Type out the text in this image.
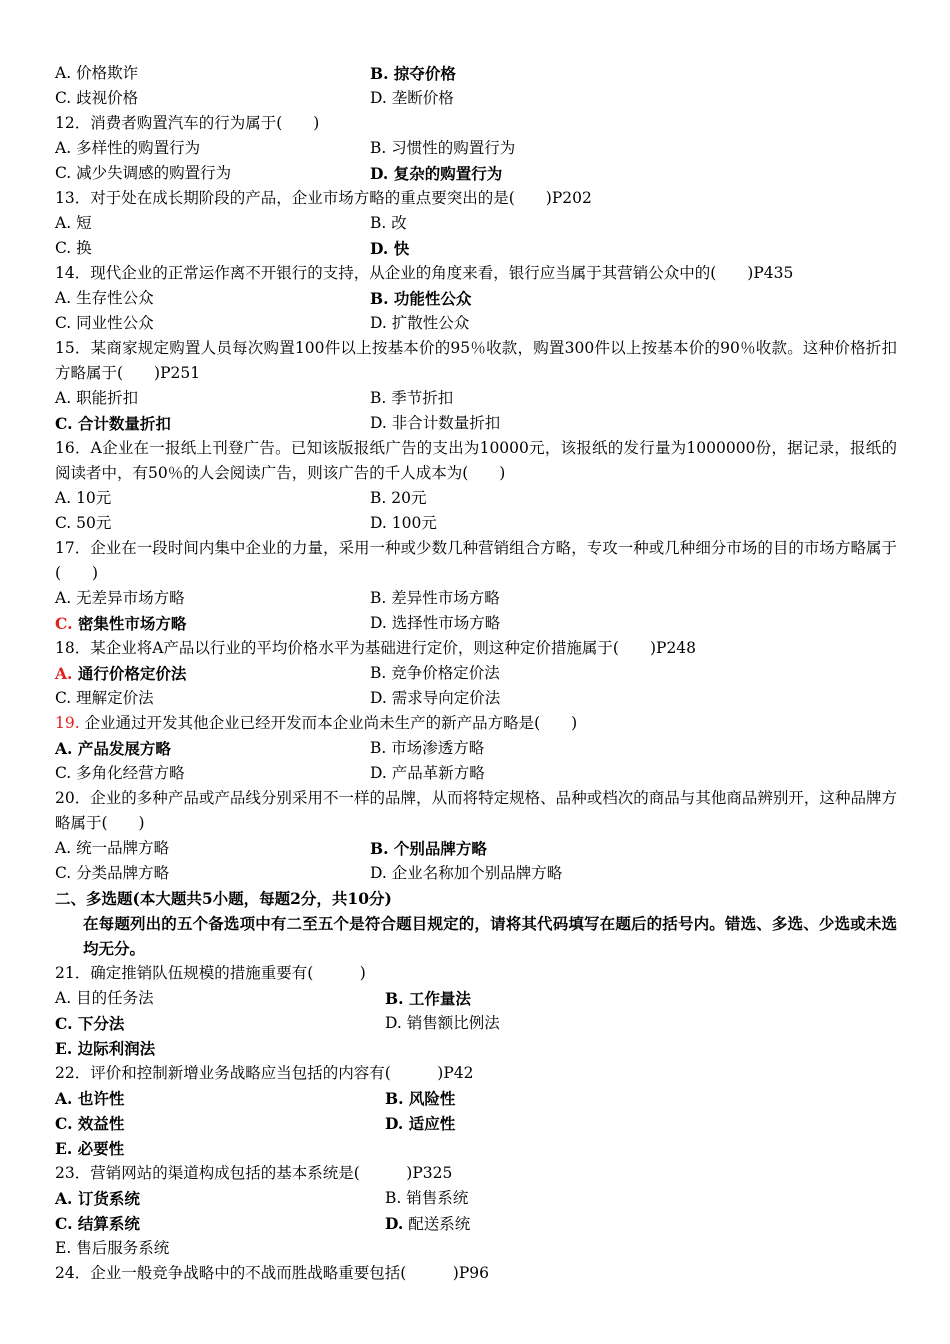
A. 价格欺诈	B. 掠夺价格
C. 歧视价格	D. 垄断价格
12．消费者购置汽车的行为属于(　　)
A. 多样性的购置行为	B. 习惯性的购置行为
C. 减少失调感的购置行为	D. 复杂的购置行为
13．对于处在成长期阶段的产品，企业市场方略的重点要突出的是(　　)P202
A. 短	B. 改
C. 换	D. 快
14．现代企业的正常运作离不开银行的支持，从企业的角度来看，银行应当属于其营销公众中的(　　)P435
A. 生存性公众	B. 功能性公众
C. 同业性公众	D. 扩散性公众
15．某商家规定购置人员每次购置100件以上按基本价的95％收款，购置300件以上按基本价的90％收款。这种价格折扣方略属于(　　)P251
A. 职能折扣	B. 季节折扣
C. 合计数量折扣	D. 非合计数量折扣
16．A企业在一报纸上刊登广告。已知该版报纸广告的支出为10000元，该报纸的发行量为1000000份，据记录，报纸的阅读者中，有50％的人会阅读广告，则该广告的千人成本为(　　)
A. 10元	B. 20元
C. 50元	D. 100元
17．企业在一段时间内集中企业的力量，采用一种或少数几种营销组合方略，专攻一种或几种细分市场的目的市场方略属于(　　)
A. 无差异市场方略	B. 差异性市场方略
C. 密集性市场方略	D. 选择性市场方略
18．某企业将A产品以行业的平均价格水平为基础进行定价，则这种定价措施属于(　　)P248
A. 通行价格定价法	B. 竞争价格定价法
C. 理解定价法	D. 需求导向定价法
19. 企业通过开发其他企业已经开发而本企业尚未生产的新产品方略是(　　)
A. 产品发展方略	B. 市场渗透方略
C. 多角化经营方略	D. 产品革新方略
20．企业的多种产品或产品线分别采用不一样的品牌，从而将特定规格、品种或档次的商品与其他商品辨别开，这种品牌方略属于(　　)
A. 统一品牌方略	B. 个别品牌方略
C. 分类品牌方略	D. 企业名称加个别品牌方略
二、多选题(本大题共5小题，每题2分，共10分)
在每题列出的五个备选项中有二至五个是符合题目规定的，请将其代码填写在题后的括号内。错选、多选、少选或未选均无分。
21．确定推销队伍规模的措施重要有(　　　)
A. 目的任务法	B. 工作量法
C. 下分法	D. 销售额比例法
E. 边际利润法
22．评价和控制新增业务战略应当包括的内容有(　　　)P42
A. 也许性	B. 风险性
C. 效益性	D. 适应性
E. 必要性
23．营销网站的渠道构成包括的基本系统是(　　　)P325
A. 订货系统	B. 销售系统
C. 结算系统	D. 配送系统
E. 售后服务系统
24．企业一般竞争战略中的不战而胜战略重要包括(　　　)P96
